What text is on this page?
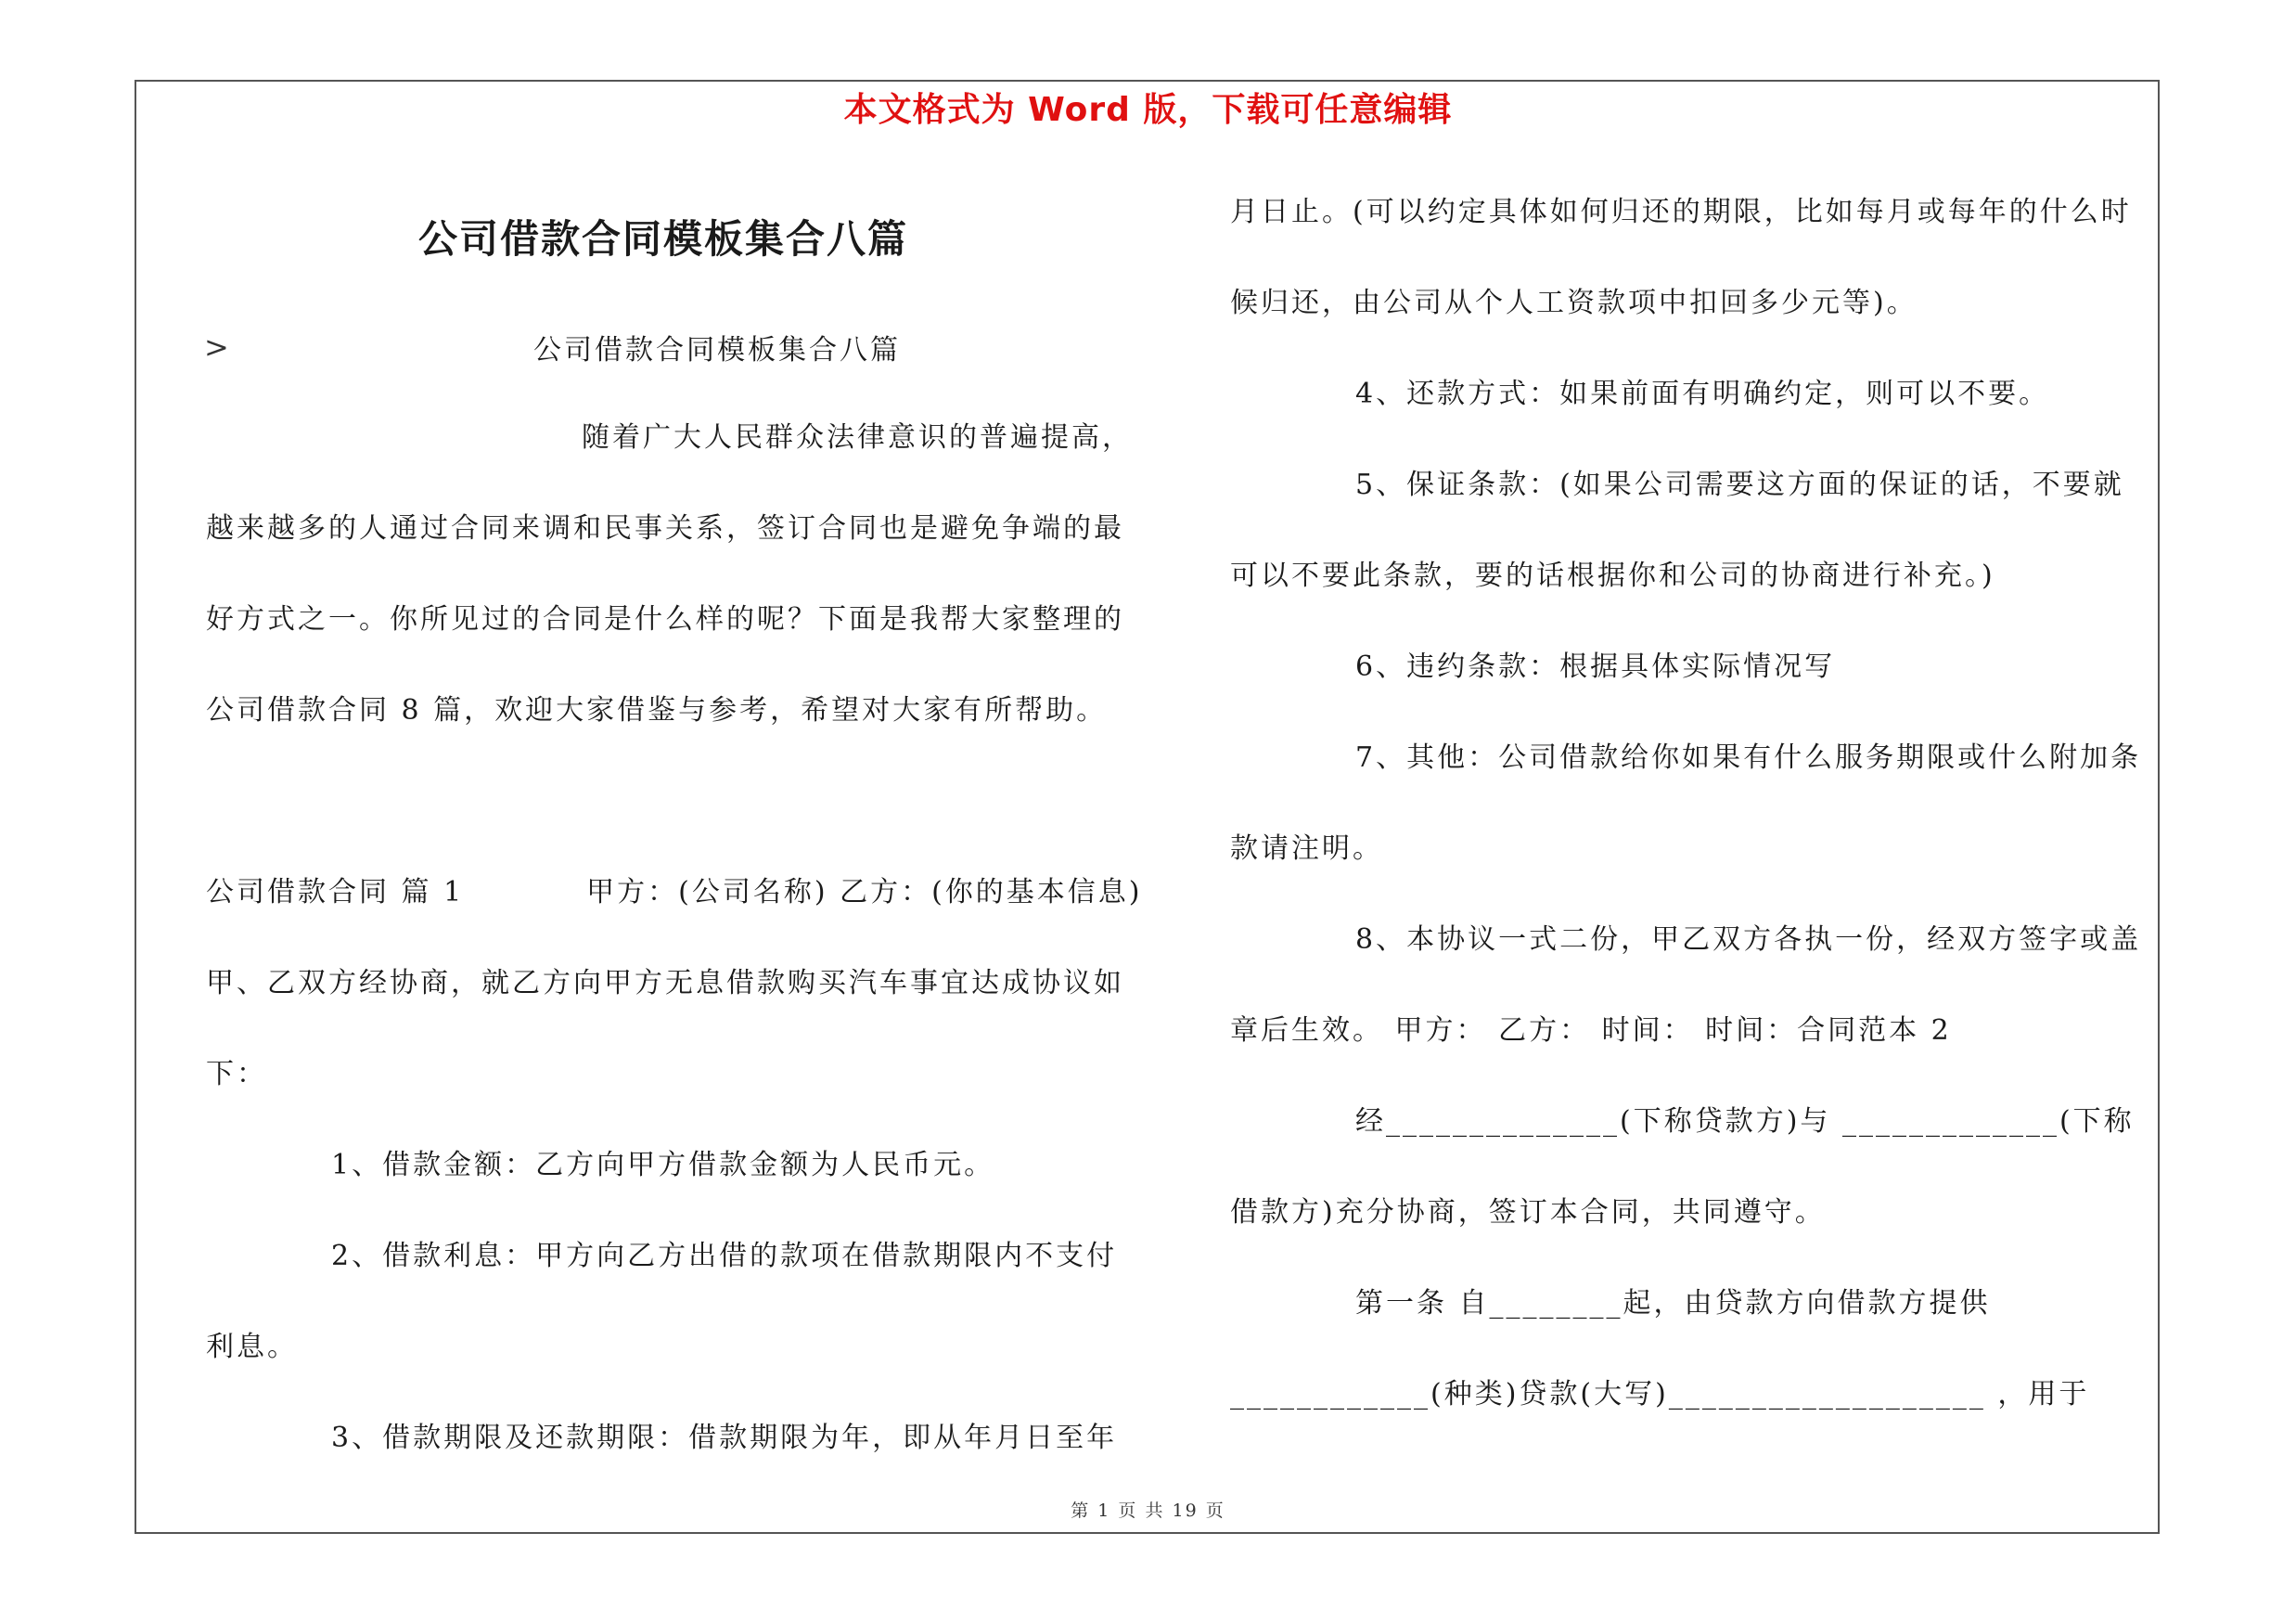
本文格式为 Word 版，下载可任意编辑
公司借款合同模板集合八篇
>	公司借款合同模板集合八篇

随着广大人民群众法律意识的普遍提高，越来越多的人通过合同来调和民事关系，签订合同也是避免争端的最好方式之一。你所见过的合同是什么样的呢？下面是我帮大家整理的公司借款合同 8 篇，欢迎大家借鉴与参考，希望对大家有所帮助。

公司借款合同 篇 1　　　　甲方：(公司名称) 乙方：(你的基本信息) 甲、乙双方经协商，就乙方向甲方无息借款购买汽车事宜达成协议如下：

1、借款金额：乙方向甲方借款金额为人民币元。

2、借款利息：甲方向乙方出借的款项在借款期限内不支付利息。

3、借款期限及还款期限：借款期限为年，即从年月日至年

月日止。(可以约定具体如何归还的期限，比如每月或每年的什么时候归还，由公司从个人工资款项中扣回多少元等)。

4、还款方式：如果前面有明确约定，则可以不要。

5、保证条款：(如果公司需要这方面的保证的话，不要就可以不要此条款，要的话根据你和公司的协商进行补充。)

6、违约条款：根据具体实际情况写

7、其他：公司借款给你如果有什么服务期限或什么附加条款请注明。

8、本协议一式二份，甲乙双方各执一份，经双方签字或盖章后生效。 甲方： 乙方： 时间： 时间：合同范本 2

经______________(下称贷款方)与 _____________(下称借款方)充分协商，签订本合同，共同遵守。

第一条 自________起，由贷款方向借款方提供

____________(种类)贷款(大写)___________________ ，用于

第 1 页 共 19 页
